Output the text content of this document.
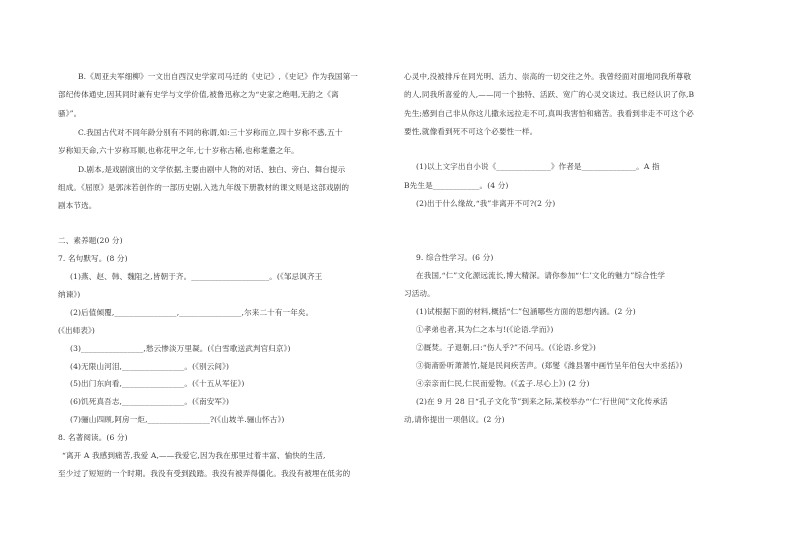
B.《周亚夫军细柳》一文出自西汉史学家司马迁的《史记》,《史记》作为我国第一
部纪传体通史,因其同时兼有史学与文学价值,被鲁迅称之为“史家之绝唱,无韵之《离
骚》”。
C.我国古代对不同年龄分别有不同的称谓,如:三十岁称而立,四十岁称不惑,五十
岁称知天命,六十岁称耳顺,也称花甲之年,七十岁称古稀,也称耄耋之年。
D.剧本,是戏剧演出的文学依据,主要由剧中人物的对话、独白、旁白、舞台提示
组成。《屈原》是郭沫若创作的一部历史剧,入选九年级下册教材的课文则是这部戏剧的
剧本节选。
二、素养题(20 分)
7. 名句默写。(8 分)
(1)燕、赵、韩、魏阻之,皆朝于齐。____________________。(《邹忌讽齐王
纳谏》)
(2)后值倾覆,________________,________________,尔来二十有一年矣。
(《出师表》)
(3)________________,愁云惨淡万里凝。(《白雪歌送武判官归京》)
(4)无限山河泪,________________。(《别云间》)
(5)出门东向看,________________。(《十五从军征》)
(6)饥死真吾志,________________。(《南安军》)
(7)骊山四顾,阿房一炬,________________?(《山坡羊.骊山怀古》)
8. 名著阅读。(6 分)
“离开 A 我感到痛苦,我爱 A,——我爱它,因为我在那里过着丰富、愉快的生活,
至少过了短短的一个时期。我没有受到践踏。我没有被弄得僵化。我没有被埋在低劣的
心灵中,没被排斥在同光明、活力、崇高的一切交往之外。我曾经面对面地同我所尊敬
的人,同我所喜爱的人,——同一个独特、活跃、宽广的心灵交谈过。我已经认识了你,B
先生;感到自己非从你这儿撒永远拉走不可,真叫我害怕和痛苦。我看到非走不可这个必
要性,就像看到死不可这个必要性一样。
(1)以上文字出自小说《______________》作者是______________。A 指
B先生是____________。(4 分)
(2)出于什么缘故,“我”非离开不可?(2 分)
9. 综合性学习。(6 分)
在我国,“仁”文化源远流长,博大精深。请你参加“‘仁’文化的魅力”综合性学
习活动。
(1)试根据下面的材料,概括“仁”包涵哪些方面的思想内涵。(2 分)
①孝弟也者,其为仁之本与!(《论语.学而》)
②厩焚。子退朝,曰:“伤人乎?”不问马。(《论语.乡党》)
③衙斋卧听萧萧竹,疑是民间疾苦声。(郑燮《潍县署中画竹呈年伯包大中丞括》)
④亲亲而仁民,仁民而爱物。(《孟子.尽心上》) (2 分)
(2)在 9 月 28 日“孔子文化节”到来之际,某校举办“‘仁’行世间”文化传承活
动,请你提出一项倡议。(2 分)
